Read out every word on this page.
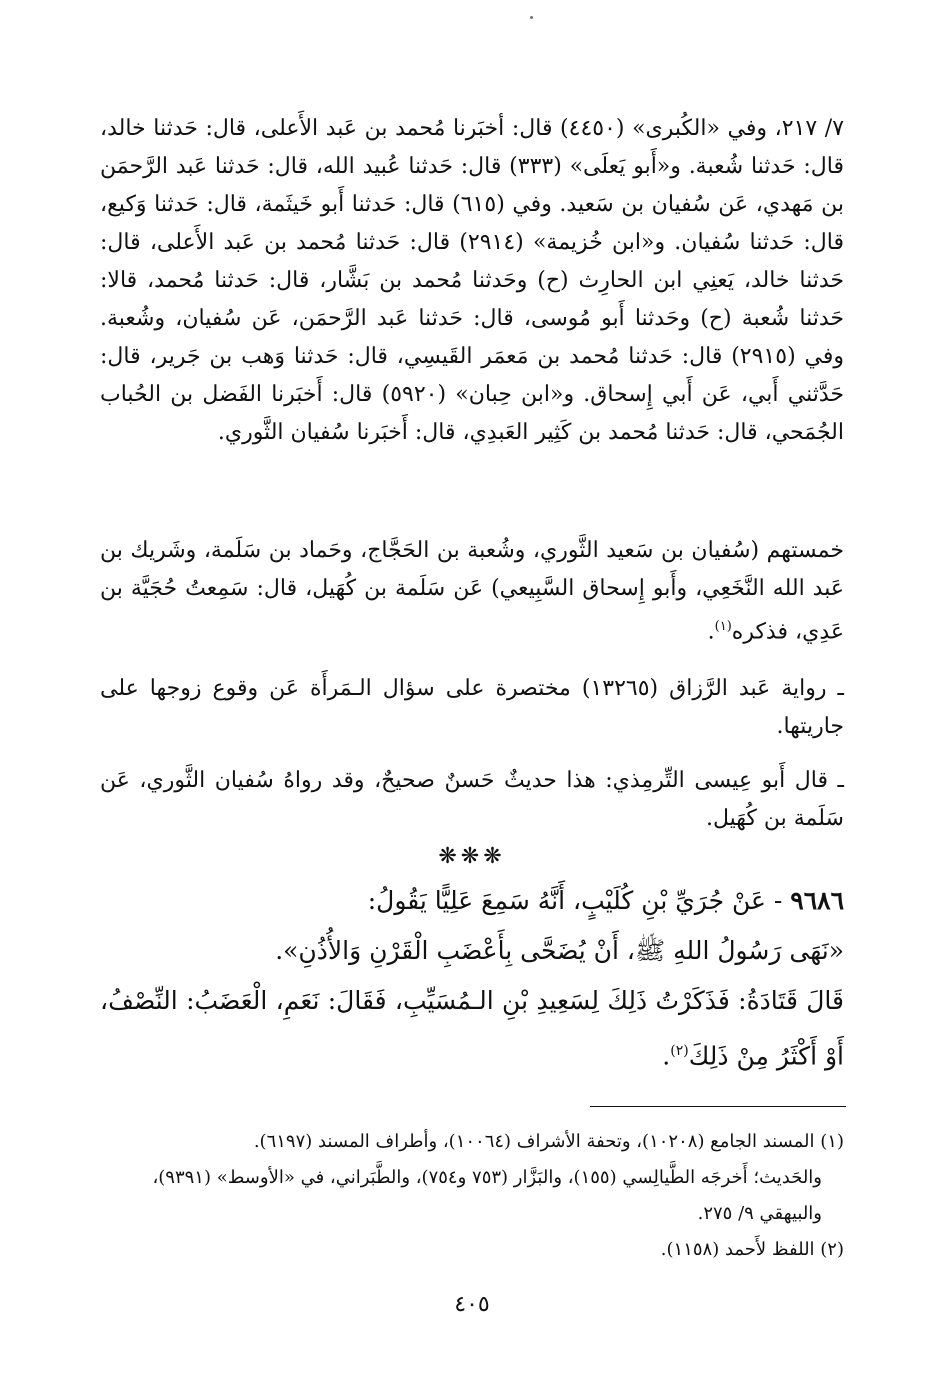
٧/ ٢١٧، وفي «الكُبرى» (٤٤٥٠) قال: أخبَرنا مُحمد بن عَبد الأَعلى، قال: حَدثنا خالد، قال: حَدثنا شُعبة. و«أَبو يَعلَى» (٣٣٣) قال: حَدثنا عُبيد الله، قال: حَدثنا عَبد الرَّحمَن بن مَهدي، عَن سُفيان بن سَعيد. وفي (٦١٥) قال: حَدثنا أَبو خَيثَمة، قال: حَدثنا وَكيع، قال: حَدثنا سُفيان. و«ابن خُزيمة» (٢٩١٤) قال: حَدثنا مُحمد بن عَبد الأَعلى، قال: حَدثنا خالد، يَعنِي ابن الحارِث (ح) وحَدثنا مُحمد بن بَشَّار، قال: حَدثنا مُحمد، قالا: حَدثنا شُعبة (ح) وحَدثنا أَبو مُوسى، قال: حَدثنا عَبد الرَّحمَن، عَن سُفيان، وشُعبة. وفي (٢٩١٥) قال: حَدثنا مُحمد بن مَعمَر القَيسِي، قال: حَدثنا وَهب بن جَرير، قال: حَدَّثني أَبي، عَن أَبي إِسحاق. و«ابن حِبان» (٥٩٢٠) قال: أَخبَرنا الفَضل بن الحُباب الجُمَحي، قال: حَدثنا مُحمد بن كَثِير العَبدِي، قال: أَخبَرنا سُفيان الثَّوري.

خمستهم (سُفيان بن سَعيد الثَّوري، وشُعبة بن الحَجَّاج، وحَماد بن سَلَمة، وشَريك بن عَبد الله النَّخَعِي، وأَبو إِسحاق السَّبِيعي) عَن سَلَمة بن كُهَيل، قال: سَمِعتُ حُجَيَّة بن عَدِي، فذكره$^{(١)}$.

ـ رواية عَبد الرَّزاق (١٣٢٦٥) مختصرة على سؤال الـمَرأَة عَن وقوع زوجها على جاريتها.

ـ قال أَبو عِيسى التِّرمِذي: هذا حديثٌ حَسنٌ صحيحٌ، وقد رواهُ سُفيان الثَّوري، عَن سَلَمة بن كُهَيل.

❋❋❋
٩٦٨٦ - عَنْ جُرَيِّ بْنِ كُلَيْبٍ، أَنَّهُ سَمِعَ عَلِيًّا يَقُولُ:
«نَهَى رَسُولُ اللهِ ﷺ، أَنْ يُضَحَّى بِأَعْضَبِ الْقَرْنِ وَالأُذُنِ».
قَالَ قَتَادَةُ: فَذَكَرْتُ ذَلِكَ لِسَعِيدِ بْنِ الـمُسَيِّبِ، فَقَالَ: نَعَمِ، الْعَضَبُ: النِّصْفُ، أَوْ أَكْثَرُ مِنْ ذَلِكَ$^{(٢)}$.

(١) المسند الجامع (١٠٢٠٨)، وتحفة الأشراف (١٠٠٦٤)، وأطراف المسند (٦١٩٧).

والحَديث؛ أَخرجَه الطَّيالِسي (١٥٥)، والبَزَّار (٧٥٣ و٧٥٤)، والطَّبَراني، في «الأوسط» (٩٣٩١)، والبيهقي ٩/ ٢٧٥.

(٢) اللفظ لأَحمد (١١٥٨).

٤٠٥
